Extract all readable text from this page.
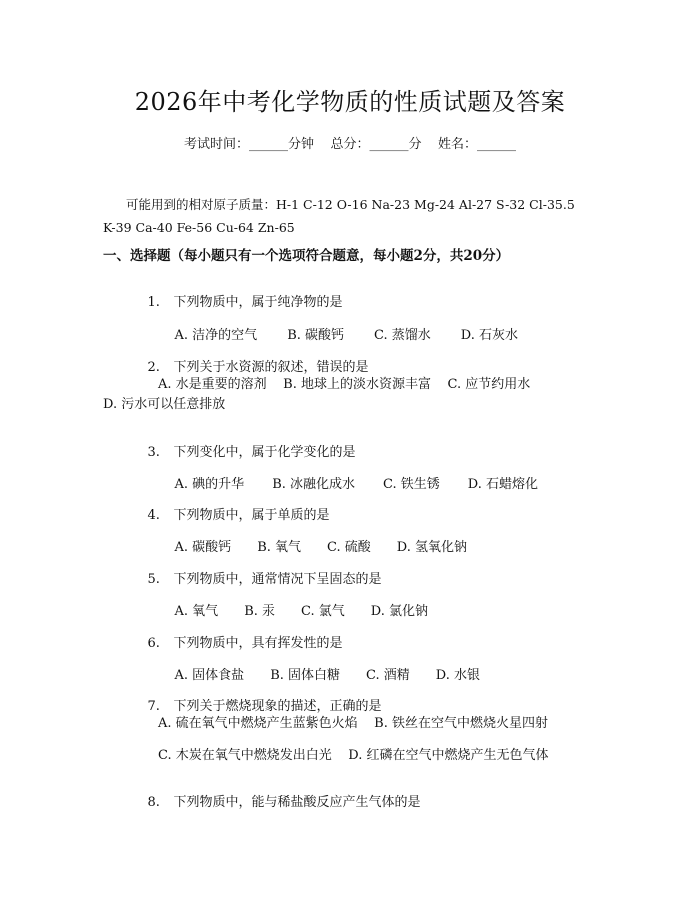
2026年中考化学物质的性质试题及答案
考试时间：______分钟    总分：______分    姓名：______
可能用到的相对原子质量：H-1 C-12 O-16 Na-23 Mg-24 Al-27 S-32 Cl-35.5
K-39 Ca-40 Fe-56 Cu-64 Zn-65
一、选择题（每小题只有一个选项符合题意，每小题2分，共20分）

1. 下列物质中，属于纯净物的是

A. 洁净的空气 B. 碳酸钙 C. 蒸馏水 D. 石灰水

2. 下列关于水资源的叙述，错误的是

A. 水是重要的溶剂    B. 地球上的淡水资源丰富    C. 应节约用水
D. 污水可以任意排放

3. 下列变化中，属于化学变化的是

A. 碘的升华 B. 冰融化成水 C. 铁生锈 D. 石蜡熔化

4. 下列物质中，属于单质的是

A. 碳酸钙 B. 氧气 C. 硫酸 D. 氢氧化钠

5. 下列物质中，通常情况下呈固态的是

A. 氧气 B. 汞 C. 氯气 D. 氯化钠

6. 下列物质中，具有挥发性的是

A. 固体食盐 B. 固体白糖 C. 酒精 D. 水银

7. 下列关于燃烧现象的描述，正确的是

A. 硫在氧气中燃烧产生蓝紫色火焰    B. 铁丝在空气中燃烧火星四射
C. 木炭在氧气中燃烧发出白光    D. 红磷在空气中燃烧产生无色气体

8. 下列物质中，能与稀盐酸反应产生气体的是
